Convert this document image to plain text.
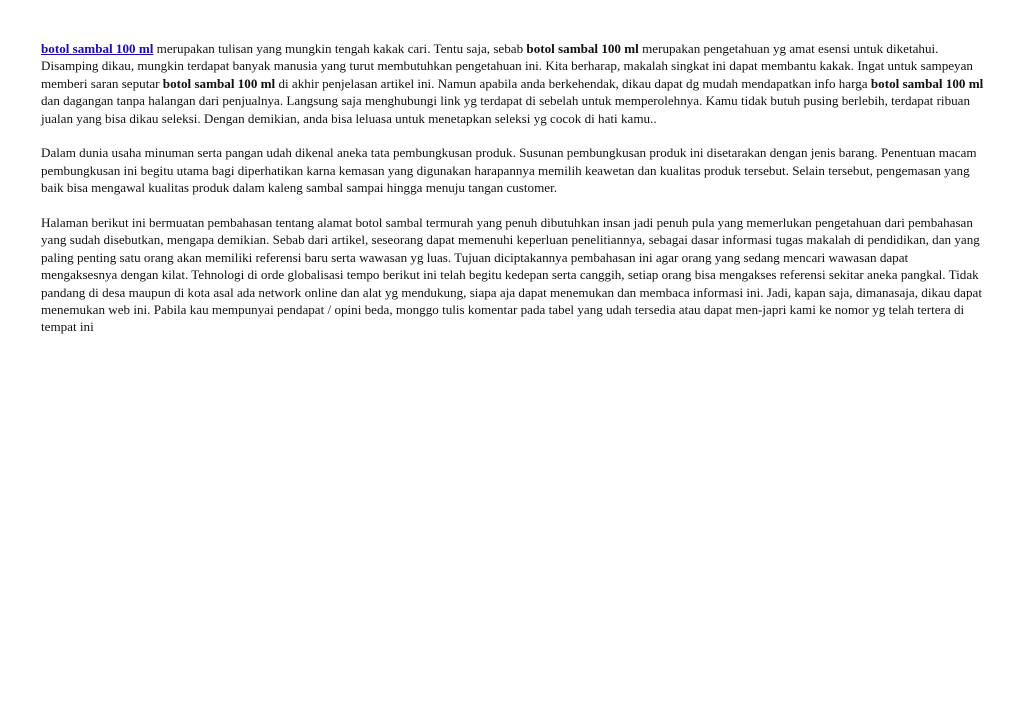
botol sambal 100 ml merupakan tulisan yang mungkin tengah kakak cari. Tentu saja, sebab botol sambal 100 ml merupakan pengetahuan yg amat esensi untuk diketahui. Disamping dikau, mungkin terdapat banyak manusia yang turut membutuhkan pengetahuan ini. Kita berharap, makalah singkat ini dapat membantu kakak. Ingat untuk sampeyan memberi saran seputar botol sambal 100 ml di akhir penjelasan artikel ini. Namun apabila anda berkehendak, dikau dapat dg mudah mendapatkan info harga botol sambal 100 ml dan dagangan tanpa halangan dari penjualnya. Langsung saja menghubungi link yg terdapat di sebelah untuk memperolehnya. Kamu tidak butuh pusing berlebih, terdapat ribuan jualan yang bisa dikau seleksi. Dengan demikian, anda bisa leluasa untuk menetapkan seleksi yg cocok di hati kamu..

Dalam dunia usaha minuman serta pangan udah dikenal aneka tata pembungkusan produk. Susunan pembungkusan produk ini disetarakan dengan jenis barang. Penentuan macam pembungkusan ini begitu utama bagi diperhatikan karna kemasan yang digunakan harapannya memilih keawetan dan kualitas produk tersebut. Selain tersebut, pengemasan yang baik bisa mengawal kualitas produk dalam kaleng sambal sampai hingga menuju tangan customer.

Halaman berikut ini bermuatan pembahasan tentang alamat botol sambal termurah yang penuh dibutuhkan insan jadi penuh pula yang memerlukan pengetahuan dari pembahasan yang sudah disebutkan, mengapa demikian. Sebab dari artikel, seseorang dapat memenuhi keperluan penelitiannya, sebagai dasar informasi tugas makalah di pendidikan, dan yang paling penting satu orang akan memiliki referensi baru serta wawasan yg luas. Tujuan diciptakannya pembahasan ini agar orang yang sedang mencari wawasan dapat mengaksesnya dengan kilat. Tehnologi di orde globalisasi tempo berikut ini telah begitu kedepan serta canggih, setiap orang bisa mengakses referensi sekitar aneka pangkal. Tidak pandang di desa maupun di kota asal ada network online dan alat yg mendukung, siapa aja dapat menemukan dan membaca informasi ini. Jadi, kapan saja, dimanasaja, dikau dapat menemukan web ini. Pabila kau mempunyai pendapat / opini beda, monggo tulis komentar pada tabel yang udah tersedia atau dapat men-japri kami ke nomor yg telah tertera di tempat ini
